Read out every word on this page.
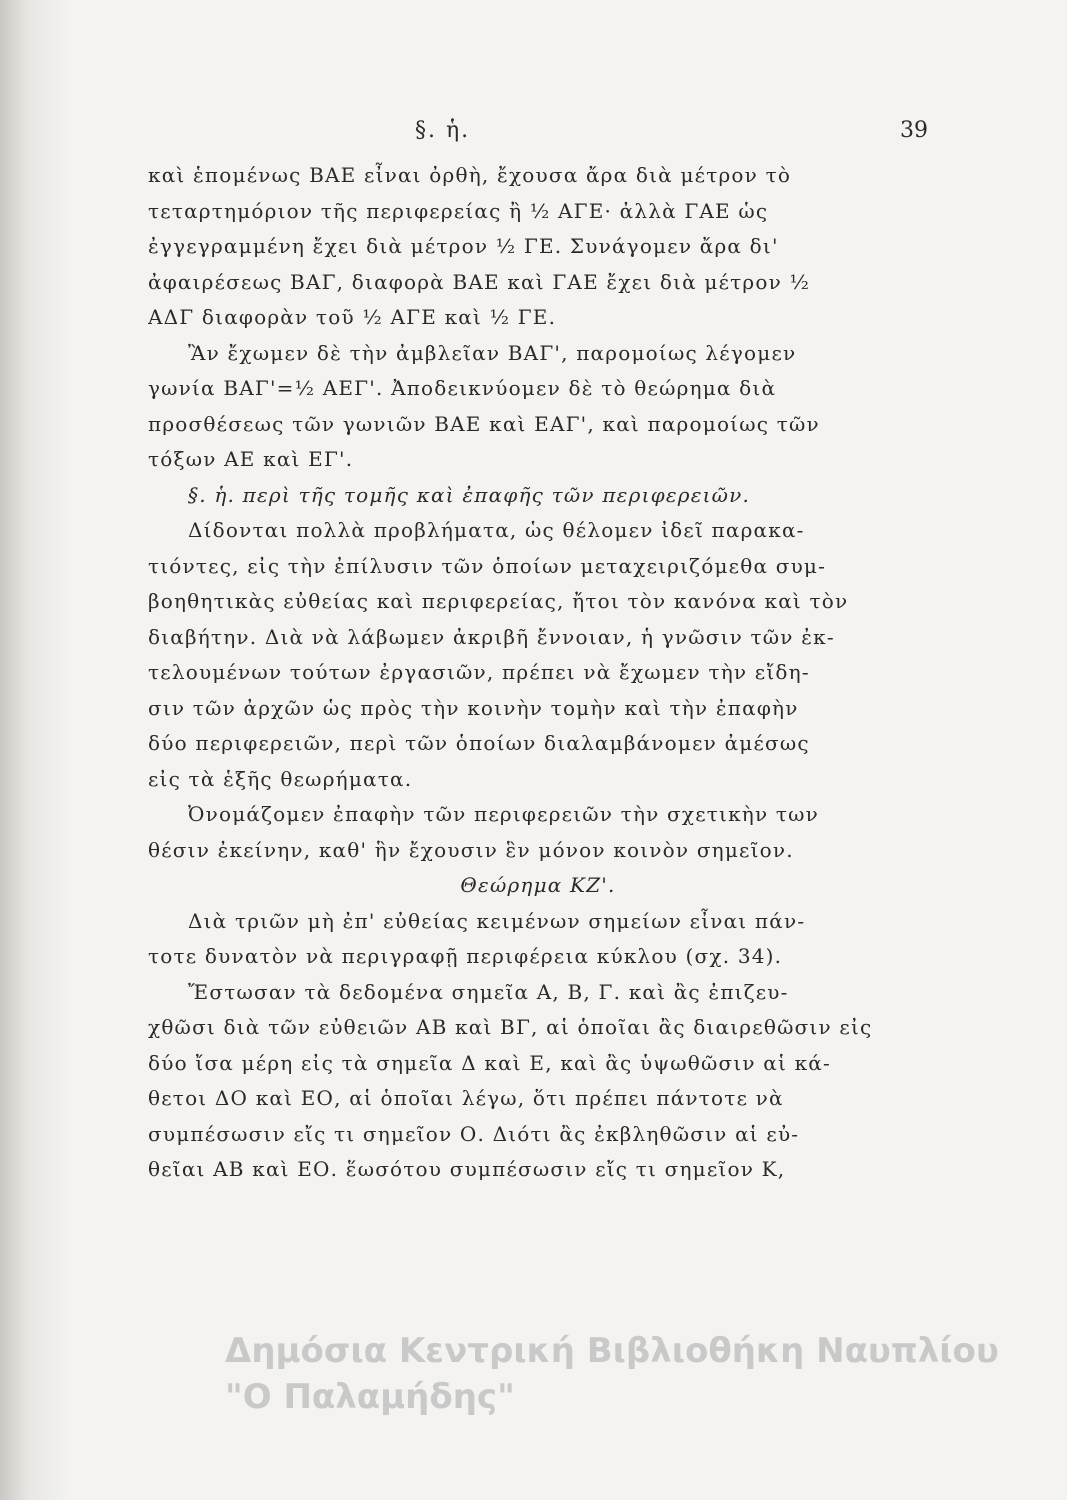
§. ἡ.	39
καὶ ἑπομένως ΒΑΕ εἶναι ὀρθὴ, ἔχουσα ἄρα διὰ μέτρον τὸ
τεταρτημόριον τῆς περιφερείας ἢ ½ ΑΓΕ· ἀλλὰ ΓΑΕ ὡς
ἐγγεγραμμένη ἔχει διὰ μέτρον ½ ΓΕ. Συνάγομεν ἄρα δι'
ἀφαιρέσεως ΒΑΓ, διαφορὰ ΒΑΕ καὶ ΓΑΕ ἔχει διὰ μέτρον ½
ΑΔΓ διαφορὰν τοῦ ½ ΑΓΕ καὶ ½ ΓΕ.
Ἂν ἔχωμεν δὲ τὴν ἀμβλεῖαν ΒΑΓ', παρομοίως λέγομεν
γωνία ΒΑΓ'=½ ΑΕΓ'. Ἀποδεικνύομεν δὲ τὸ θεώρημα διὰ
προσθέσεως τῶν γωνιῶν ΒΑΕ καὶ ΕΑΓ', καὶ παρομοίως τῶν
τόξων ΑΕ καὶ ΕΓ'.
§. ἡ. περὶ τῆς τομῆς καὶ ἐπαφῆς τῶν περιφερειῶν.
Δίδονται πολλὰ προβλήματα, ὡς θέλομεν ἰδεῖ παρακα-
τιόντες, εἰς τὴν ἐπίλυσιν τῶν ὁποίων μεταχειριζόμεθα συμ-
βοηθητικὰς εὐθείας καὶ περιφερείας, ἤτοι τὸν κανόνα καὶ τὸν
διαβήτην. Διὰ νὰ λάβωμεν ἀκριβῆ ἔννοιαν, ἡ γνῶσιν τῶν ἐκ-
τελουμένων τούτων ἐργασιῶν, πρέπει νὰ ἔχωμεν τὴν εἴδη-
σιν τῶν ἀρχῶν ὡς πρὸς τὴν κοινὴν τομὴν καὶ τὴν ἐπαφὴν
δύο περιφερειῶν, περὶ τῶν ὁποίων διαλαμβάνομεν ἀμέσως
εἰς τὰ ἑξῆς θεωρήματα.
Ὀνομάζομεν ἐπαφὴν τῶν περιφερειῶν τὴν σχετικὴν των
θέσιν ἐκείνην, καθ' ἣν ἔχουσιν ἓν μόνον κοινὸν σημεῖον.
Θεώρημα ΚΖ'.
Διὰ τριῶν μὴ ἐπ' εὐθείας κειμένων σημείων εἶναι πάν-
τοτε δυνατὸν νὰ περιγραφῇ περιφέρεια κύκλου (σχ. 34).
Ἔστωσαν τὰ δεδομένα σημεῖα Α, Β, Γ. καὶ ἂς ἐπιζευ-
χθῶσι διὰ τῶν εὐθειῶν ΑΒ καὶ ΒΓ, αἱ ὁποῖαι ἂς διαιρεθῶσιν εἰς
δύο ἴσα μέρη εἰς τὰ σημεῖα Δ καὶ Ε, καὶ ἂς ὑψωθῶσιν αἱ κά-
θετοι ΔΟ καὶ ΕΟ, αἱ ὁποῖαι λέγω, ὅτι πρέπει πάντοτε νὰ
συμπέσωσιν εἴς τι σημεῖον Ο. Διότι ἂς ἐκβληθῶσιν αἱ εὐ-
θεῖαι ΑΒ καὶ ΕΟ. ἕωσότου συμπέσωσιν εἴς τι σημεῖον Κ,
Δημόσια Κεντρική Βιβλιοθήκη Ναυπλίου
"Ο Παλαμήδης"
